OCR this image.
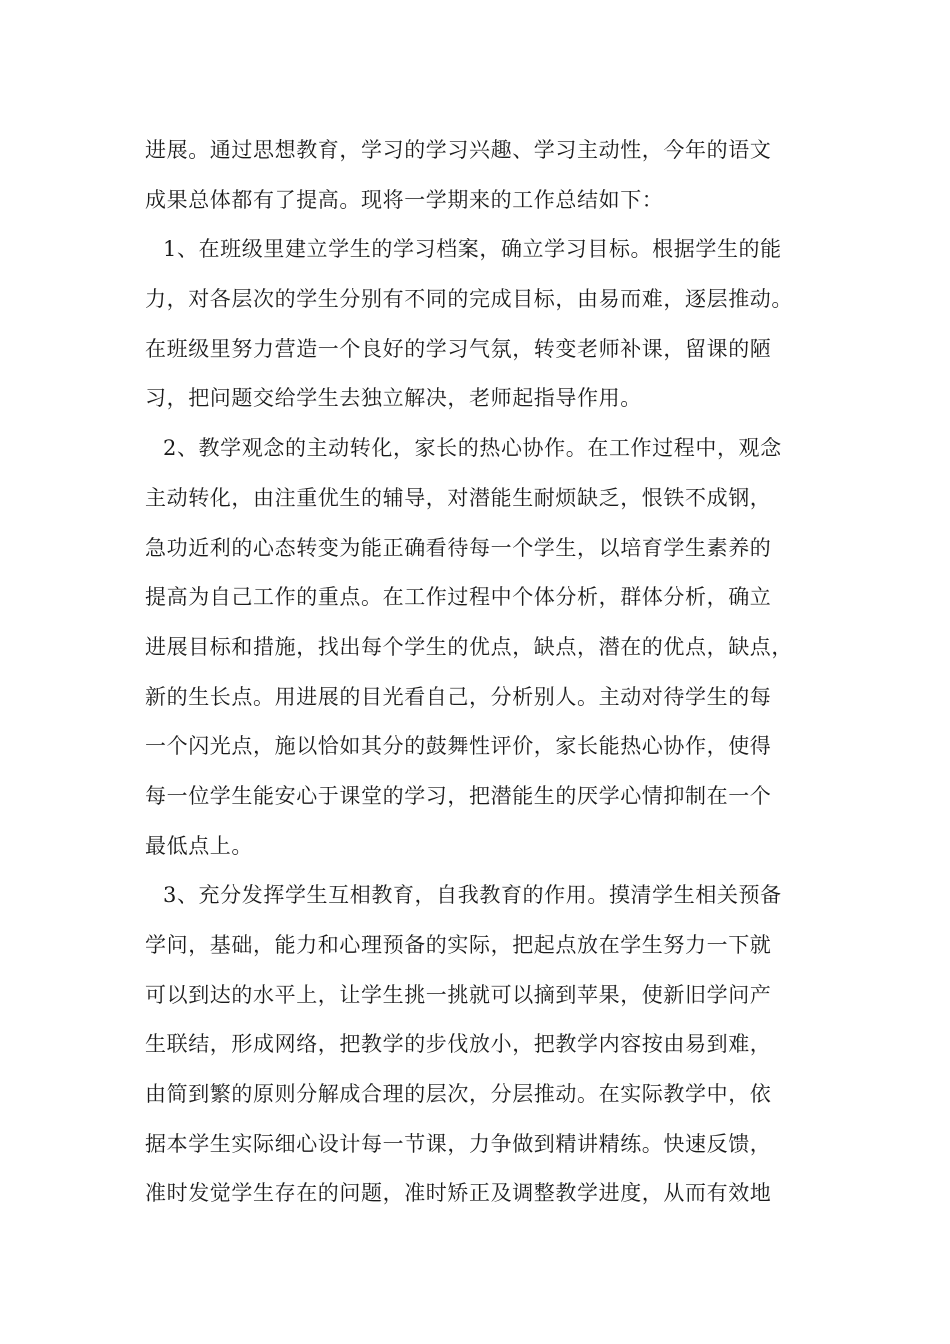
进展。通过思想教育，学习的学习兴趣、学习主动性，今年的语文
成果总体都有了提高。现将一学期来的工作总结如下：
1、在班级里建立学生的学习档案，确立学习目标。根据学生的能
力，对各层次的学生分别有不同的完成目标，由易而难，逐层推动。
在班级里努力营造一个良好的学习气氛，转变老师补课，留课的陋
习，把问题交给学生去独立解决，老师起指导作用。
2、教学观念的主动转化，家长的热心协作。在工作过程中，观念
主动转化，由注重优生的辅导，对潜能生耐烦缺乏，恨铁不成钢，
急功近利的心态转变为能正确看待每一个学生，以培育学生素养的
提高为自己工作的重点。在工作过程中个体分析，群体分析，确立
进展目标和措施，找出每个学生的优点，缺点，潜在的优点，缺点，
新的生长点。用进展的目光看自己，分析别人。主动对待学生的每
一个闪光点，施以恰如其分的鼓舞性评价，家长能热心协作，使得
每一位学生能安心于课堂的学习，把潜能生的厌学心情抑制在一个
最低点上。
3、充分发挥学生互相教育，自我教育的作用。摸清学生相关预备
学问，基础，能力和心理预备的实际，把起点放在学生努力一下就
可以到达的水平上，让学生挑一挑就可以摘到苹果，使新旧学问产
生联结，形成网络，把教学的步伐放小，把教学内容按由易到难，
由简到繁的原则分解成合理的层次，分层推动。在实际教学中，依
据本学生实际细心设计每一节课，力争做到精讲精练。快速反馈，
准时发觉学生存在的问题，准时矫正及调整教学进度，从而有效地
